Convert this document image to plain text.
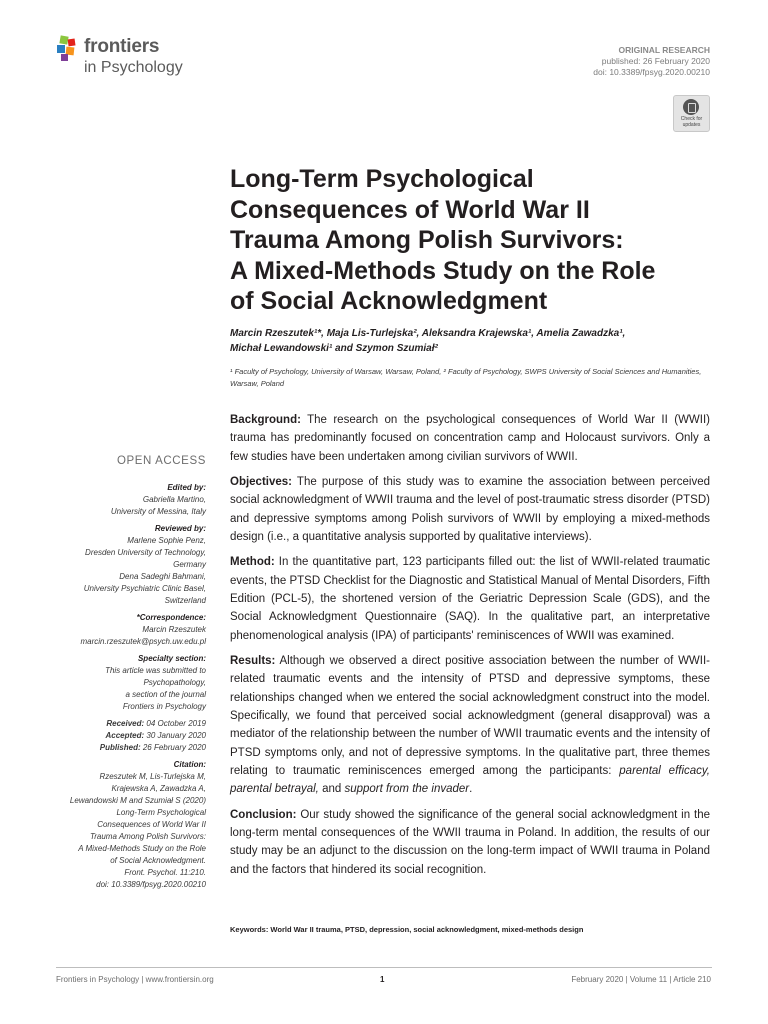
frontiers
in Psychology
ORIGINAL RESEARCH
published: 26 February 2020
doi: 10.3389/fpsyg.2020.00210
Check for updates
Long-Term Psychological
Consequences of World War II
Trauma Among Polish Survivors:
A Mixed-Methods Study on the Role
of Social Acknowledgment
Marcin Rzeszutek¹*, Maja Lis-Turlejska², Aleksandra Krajewska¹, Amelia Zawadzka¹,
Michał Lewandowski¹ and Szymon Szumiał²
¹ Faculty of Psychology, University of Warsaw, Warsaw, Poland, ² Faculty of Psychology, SWPS University of Social Sciences and Humanities, Warsaw, Poland

Background: The research on the psychological consequences of World War II (WWII) trauma has predominantly focused on concentration camp and Holocaust survivors. Only a few studies have been undertaken among civilian survivors of WWII.

Objectives: The purpose of this study was to examine the association between perceived social acknowledgment of WWII trauma and the level of post-traumatic stress disorder (PTSD) and depressive symptoms among Polish survivors of WWII by employing a mixed-methods design (i.e., a quantitative analysis supported by qualitative interviews).

Method: In the quantitative part, 123 participants filled out: the list of WWII-related traumatic events, the PTSD Checklist for the Diagnostic and Statistical Manual of Mental Disorders, Fifth Edition (PCL-5), the shortened version of the Geriatric Depression Scale (GDS), and the Social Acknowledgment Questionnaire (SAQ). In the qualitative part, an interpretative phenomenological analysis (IPA) of participants' reminiscences of WWII was examined.

Results: Although we observed a direct positive association between the number of WWII-related traumatic events and the intensity of PTSD and depressive symptoms, these relationships changed when we entered the social acknowledgment construct into the model. Specifically, we found that perceived social acknowledgment (general disapproval) was a mediator of the relationship between the number of WWII traumatic events and the intensity of PTSD symptoms only, and not of depressive symptoms. In the qualitative part, three themes relating to traumatic reminiscences emerged among the participants: parental efficacy, parental betrayal, and support from the invader.

Conclusion: Our study showed the significance of the general social acknowledgment in the long-term mental consequences of the WWII trauma in Poland. In addition, the results of our study may be an adjunct to the discussion on the long-term impact of WWII trauma in Poland and the factors that hindered its social recognition.

Keywords: World War II trauma, PTSD, depression, social acknowledgment, mixed-methods design
OPEN ACCESS
Edited by:
Gabriella Martino,
University of Messina, Italy
Reviewed by:
Marlene Sophie Penz,
Dresden University of Technology,
Germany
Dena Sadeghi Bahmani,
University Psychiatric Clinic Basel,
Switzerland
*Correspondence:
Marcin Rzeszutek
marcin.rzeszutek@psych.uw.edu.pl
Specialty section:
This article was submitted to
Psychopathology,
a section of the journal
Frontiers in Psychology
Received: 04 October 2019
Accepted: 30 January 2020
Published: 26 February 2020
Citation:
Rzeszutek M, Lis-Turlejska M,
Krajewska A, Zawadzka A,
Lewandowski M and Szumiał S (2020)
Long-Term Psychological
Consequences of World War II
Trauma Among Polish Survivors:
A Mixed-Methods Study on the Role
of Social Acknowledgment.
Front. Psychol. 11:210.
doi: 10.3389/fpsyg.2020.00210
Frontiers in Psychology | www.frontiersin.org	1	February 2020 | Volume 11 | Article 210
